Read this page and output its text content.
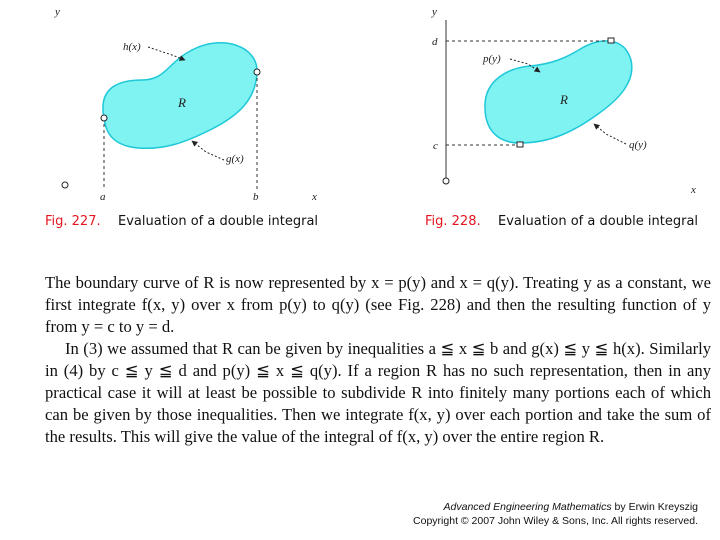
y
h(x)
R
g(x)
a	b	x
Fig. 227. Evaluation of a double integral
y
d
c
p(y)
R
q(y)
x
Fig. 228. Evaluation of a double integral

The boundary curve of R is now represented by x = p(y) and x = q(y). Treating y as a constant, we first integrate f(x, y) over x from p(y) to q(y) (see Fig. 228) and then the resulting function of y from y = c to y = d.

In (3) we assumed that R can be given by inequalities a ≦ x ≦ b and g(x) ≦ y ≦ h(x). Similarly in (4) by c ≦ y ≦ d and p(y) ≦ x ≦ q(y). If a region R has no such representation, then in any practical case it will at least be possible to subdivide R into finitely many portions each of which can be given by those inequalities. Then we integrate f(x, y) over each portion and take the sum of the results. This will give the value of the integral of f(x, y) over the entire region R.

Advanced Engineering Mathematics by Erwin Kreyszig
Copyright © 2007 John Wiley & Sons, Inc. All rights reserved.
